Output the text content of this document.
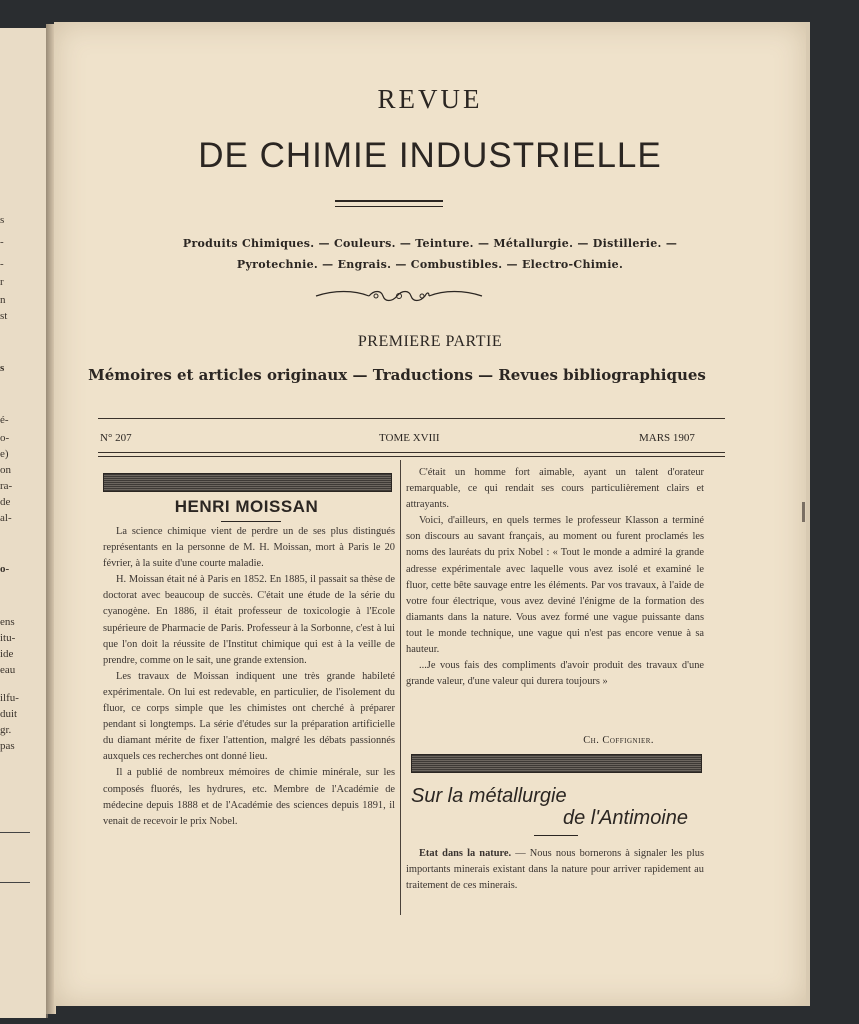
s
-
-
r
n
st
s
é-
o-
e)
on
ra-
de
al-
o-
ens
itu-
ide
eau
ilfu-
duit
gr.
pas
REVUE
DE CHIMIE INDUSTRIELLE
Produits Chimiques. — Couleurs. — Teinture. — Métallurgie. — Distillerie. —
Pyrotechnie. — Engrais. — Combustibles. — Electro-Chimie.
PREMIERE PARTIE
Mémoires et articles originaux — Traductions — Revues bibliographiques
N° 207	TOME XVIII	MARS 1907
HENRI MOISSAN

La science chimique vient de perdre un de ses plus distingués représentants en la personne de M. H. Moissan, mort à Paris le 20 février, à la suite d'une courte maladie.

H. Moissan était né à Paris en 1852. En 1885, il passait sa thèse de doctorat avec beaucoup de succès. C'était une étude de la série du cyanogène. En 1886, il était professeur de toxicologie à l'Ecole supérieure de Pharmacie de Paris. Professeur à la Sorbonne, c'est à lui que l'on doit la réussite de l'Institut chimique qui est à la veille de prendre, comme on le sait, une grande extension.

Les travaux de Moissan indiquent une très grande habileté expérimentale. On lui est redevable, en particulier, de l'isolement du fluor, ce corps simple que les chimistes ont cherché à préparer pendant si longtemps. La série d'études sur la préparation artificielle du diamant mérite de fixer l'attention, malgré les débats passionnés auxquels ces recherches ont donné lieu.

Il a publié de nombreux mémoires de chimie minérale, sur les composés fluorés, les hydrures, etc. Membre de l'Académie de médecine depuis 1888 et de l'Académie des sciences depuis 1891, il venait de recevoir le prix Nobel.

C'était un homme fort aimable, ayant un talent d'orateur remarquable, ce qui rendait ses cours particulièrement clairs et attrayants.

Voici, d'ailleurs, en quels termes le professeur Klasson a terminé son discours au savant français, au moment ou furent proclamés les noms des lauréats du prix Nobel : « Tout le monde a admiré la grande adresse expérimentale avec laquelle vous avez isolé et examiné le fluor, cette bête sauvage entre les éléments. Par vos travaux, à l'aide de votre four électrique, vous avez deviné l'énigme de la formation des diamants dans la nature. Vous avez formé une vague puissante dans tout le monde technique, une vague qui n'est pas encore venue à sa hauteur.

...Je vous fais des compliments d'avoir produit des travaux d'une grande valeur, d'une valeur qui durera toujours »

Ch. Coffignier.
Sur la métallurgie
de l'Antimoine

Etat dans la nature. — Nous nous bornerons à signaler les plus importants minerais existant dans la nature pour arriver rapidement au traitement de ces minerais.
